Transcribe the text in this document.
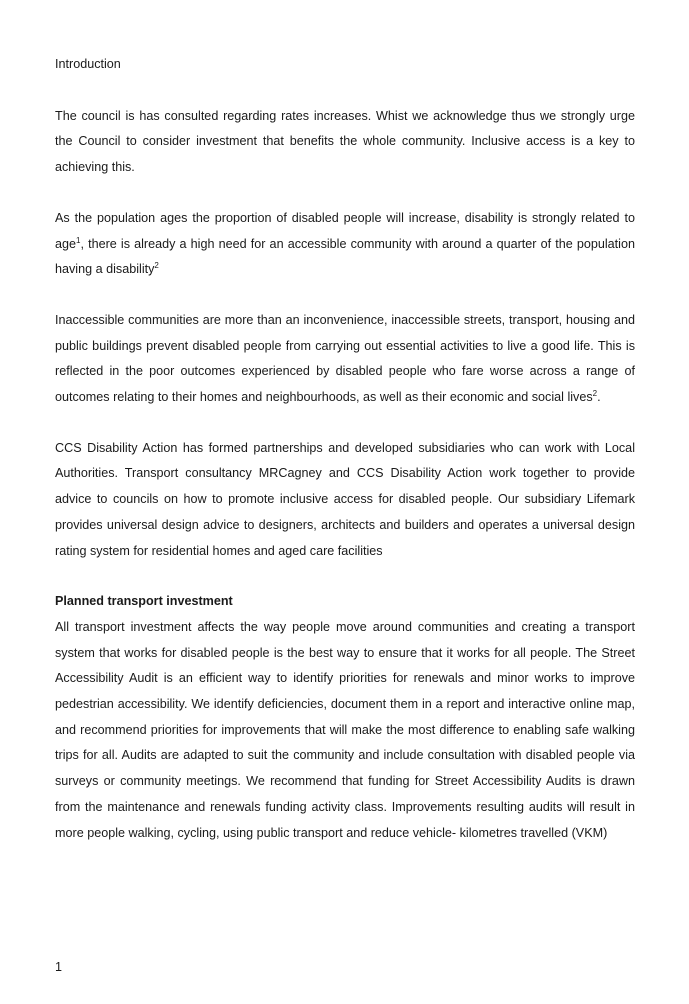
Introduction

The council is has consulted regarding rates increases. Whist we acknowledge thus we strongly urge the Council to consider investment that benefits the whole community. Inclusive access is a key to achieving this.

As the population ages the proportion of disabled people will increase, disability is strongly related to age$^1$, there is already a high need for an accessible community with around a quarter of the population having a disability$^2$

Inaccessible communities are more than an inconvenience, inaccessible streets, transport, housing and public buildings prevent disabled people from carrying out essential activities to live a good life. This is reflected in the poor outcomes experienced by disabled people who fare worse across a range of outcomes relating to their homes and neighbourhoods, as well as their economic and social lives$^2$.

CCS Disability Action has formed partnerships and developed subsidiaries who can work with Local Authorities. Transport consultancy MRCagney and CCS Disability Action work together to provide advice to councils on how to promote inclusive access for disabled people. Our subsidiary Lifemark provides universal design advice to designers, architects and builders and operates a universal design rating system for residential homes and aged care facilities

Planned transport investment

All transport investment affects the way people move around communities and creating a transport system that works for disabled people is the best way to ensure that it works for all people. The Street Accessibility Audit is an efficient way to identify priorities for renewals and minor works to improve pedestrian accessibility. We identify deficiencies, document them in a report and interactive online map, and recommend priorities for improvements that will make the most difference to enabling safe walking trips for all. Audits are adapted to suit the community and include consultation with disabled people via surveys or community meetings. We recommend that funding for Street Accessibility Audits is drawn from the maintenance and renewals funding activity class. Improvements resulting audits will result in more people walking, cycling, using public transport and reduce vehicle- kilometres travelled (VKM)

1
